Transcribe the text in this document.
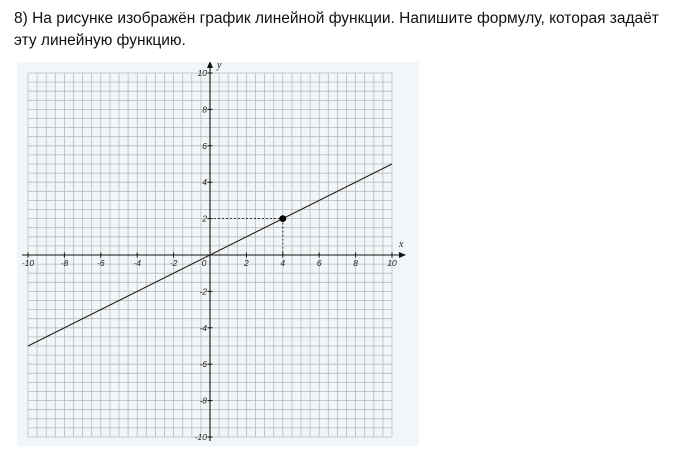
8) На рисунке изображён график линейной функции. Напишите формулу, которая задаёт эту линейную функцию.
x
y
-10	-8	-6	-4	-2	0	2	4	6	8	10
10
8
6
4
2
-2
-4
-6
-8
-10
